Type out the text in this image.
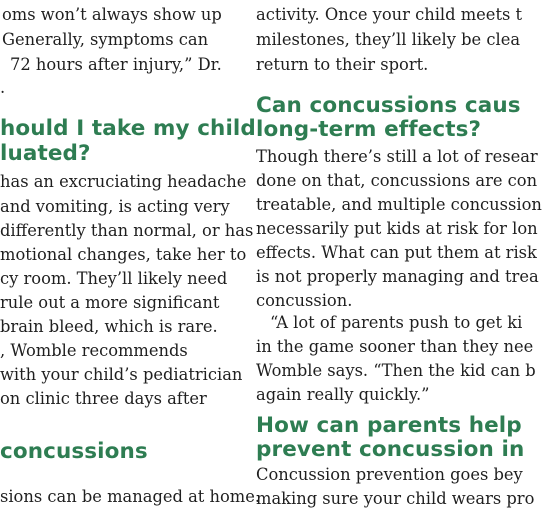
oms won’t always show up
Generally, symptoms can
72 hours after injury,” Dr.
.
hould I take my child
luated?
has an excruciating headache
and vomiting, is acting very
differently than normal, or has
motional changes, take her to
cy room. They’ll likely need
rule out a more significant
brain bleed, which is rare.
, Womble recommends
with your child’s pediatrician
on clinic three days after
concussions
sions can be managed at home.
activity. Once your child meets t
milestones, they’ll likely be clea
return to their sport.
Can concussions caus
long-term effects?
Though there’s still a lot of resear
done on that, concussions are con
treatable, and multiple concussion
necessarily put kids at risk for lon
effects. What can put them at risk
is not properly managing and trea
concussion.
“A lot of parents push to get ki
in the game sooner than they nee
Womble says. “Then the kid can b
again really quickly.”
How can parents help
prevent concussion in
Concussion prevention goes bey
making sure your child wears pro
